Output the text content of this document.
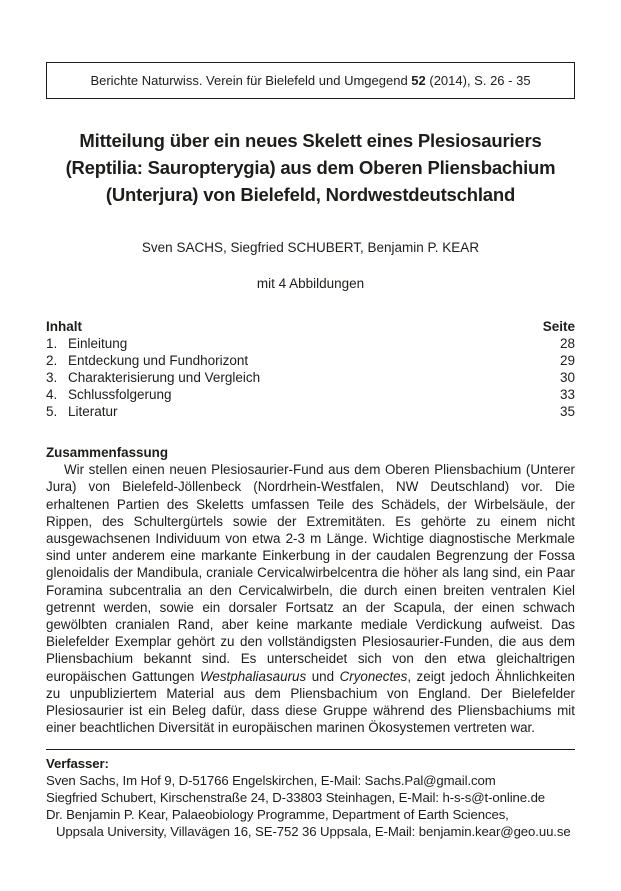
Berichte Naturwiss. Verein für Bielefeld und Umgegend 52 (2014), S. 26 - 35
Mitteilung über ein neues Skelett eines Plesiosauriers
(Reptilia: Sauropterygia) aus dem Oberen Pliensbachium
(Unterjura) von Bielefeld, Nordwestdeutschland
Sven SACHS, Siegfried SCHUBERT, Benjamin P. KEAR
mit 4 Abbildungen
Inhalt	Seite
1. Einleitung	28
2. Entdeckung und Fundhorizont	29
3. Charakterisierung und Vergleich	30
4. Schlussfolgerung	33
5. Literatur	35
Zusammenfassung

Wir stellen einen neuen Plesiosaurier-Fund aus dem Oberen Pliensbachium (Unterer Jura) von Bielefeld-Jöllenbeck (Nordrhein-Westfalen, NW Deutschland) vor. Die erhaltenen Partien des Skeletts umfassen Teile des Schädels, der Wirbelsäule, der Rippen, des Schultergürtels sowie der Extremitäten. Es gehörte zu einem nicht ausgewachsenen Individuum von etwa 2-3 m Länge. Wichtige diagnostische Merkmale sind unter anderem eine markante Einkerbung in der caudalen Begrenzung der Fossa glenoidalis der Mandibula, craniale Cervicalwirbelcentra die höher als lang sind, ein Paar Foramina subcentralia an den Cervicalwirbeln, die durch einen breiten ventralen Kiel getrennt werden, sowie ein dorsaler Fortsatz an der Scapula, der einen schwach gewölbten cranialen Rand, aber keine markante mediale Verdickung aufweist. Das Bielefelder Exemplar gehört zu den vollständigsten Plesiosaurier-Funden, die aus dem Pliensbachium bekannt sind. Es unterscheidet sich von den etwa gleichaltrigen europäischen Gattungen Westphaliasaurus und Cryonectes, zeigt jedoch Ähnlichkeiten zu unpubliziertem Material aus dem Pliensbachium von England. Der Bielefelder Plesiosaurier ist ein Beleg dafür, dass diese Gruppe während des Pliensbachiums mit einer beachtlichen Diversität in europäischen marinen Ökosystemen vertreten war.

Verfasser:
Sven Sachs, Im Hof 9, D-51766 Engelskirchen, E-Mail: Sachs.Pal@gmail.com
Siegfried Schubert, Kirschenstraße 24, D-33803 Steinhagen, E-Mail: h-s-s@t-online.de
Dr. Benjamin P. Kear, Palaeobiology Programme, Department of Earth Sciences,
Uppsala University, Villavägen 16, SE-752 36 Uppsala, E-Mail: benjamin.kear@geo.uu.se
